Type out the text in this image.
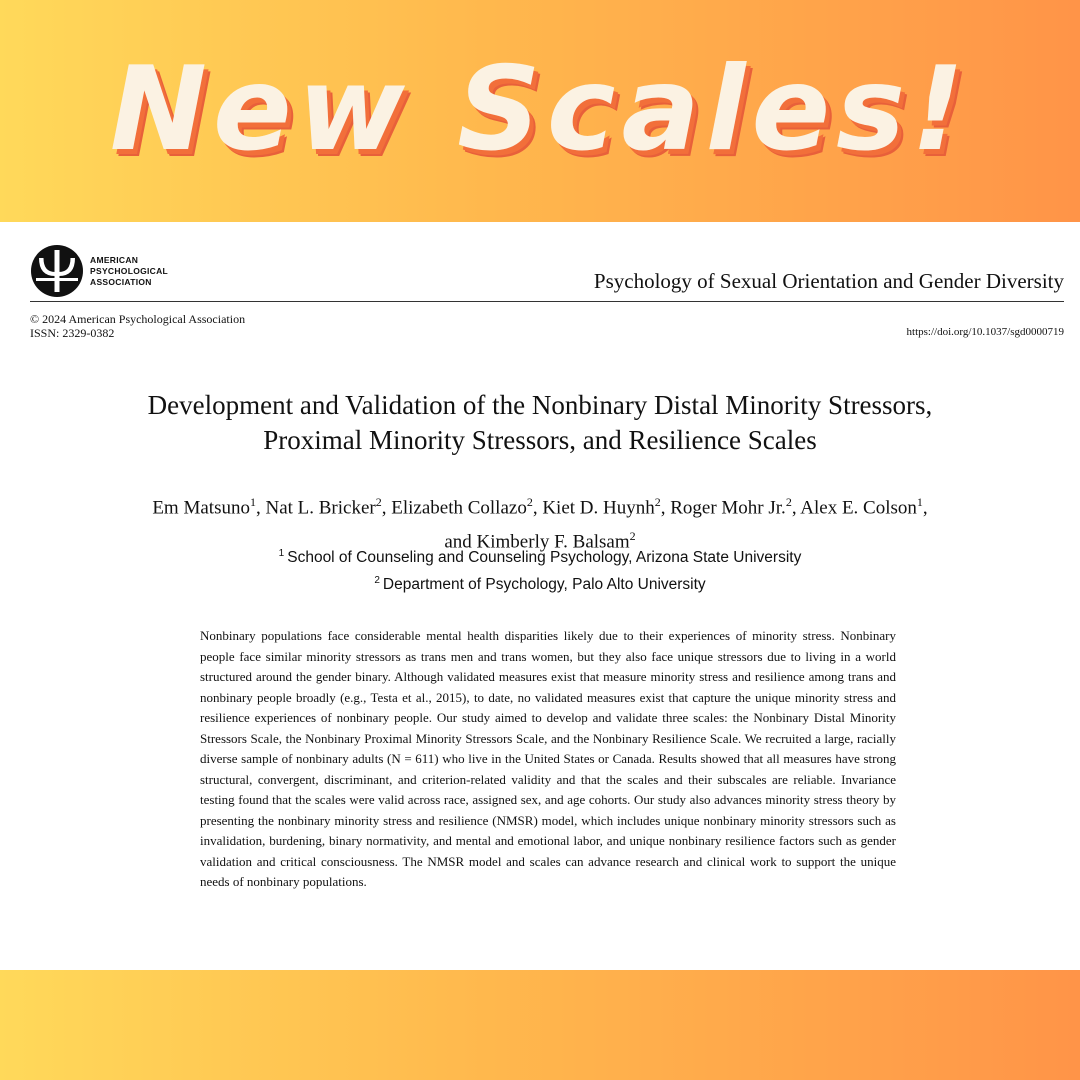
New Scales!
AMERICAN
PSYCHOLOGICAL
ASSOCIATION	Psychology of Sexual Orientation and Gender Diversity
© 2024 American Psychological Association
ISSN: 2329-0382	https://doi.org/10.1037/sgd0000719
Development and Validation of the Nonbinary Distal Minority Stressors,
Proximal Minority Stressors, and Resilience Scales
Em Matsuno$^1$, Nat L. Bricker$^2$, Elizabeth Collazo$^2$, Kiet D. Huynh$^2$, Roger Mohr Jr.$^2$, Alex E. Colson$^1$,
and Kimberly F. Balsam$^2$
$^1$ School of Counseling and Counseling Psychology, Arizona State University
$^2$ Department of Psychology, Palo Alto University

Nonbinary populations face considerable mental health disparities likely due to their experiences of minority stress. Nonbinary people face similar minority stressors as trans men and trans women, but they also face unique stressors due to living in a world structured around the gender binary. Although validated measures exist that measure minority stress and resilience among trans and nonbinary people broadly (e.g., Testa et al., 2015), to date, no validated measures exist that capture the unique minority stress and resilience experiences of nonbinary people. Our study aimed to develop and validate three scales: the Nonbinary Distal Minority Stressors Scale, the Nonbinary Proximal Minority Stressors Scale, and the Nonbinary Resilience Scale. We recruited a large, racially diverse sample of nonbinary adults (N = 611) who live in the United States or Canada. Results showed that all measures have strong structural, convergent, discriminant, and criterion-related validity and that the scales and their subscales are reliable. Invariance testing found that the scales were valid across race, assigned sex, and age cohorts. Our study also advances minority stress theory by presenting the nonbinary minority stress and resilience (NMSR) model, which includes unique nonbinary minority stressors such as invalidation, burdening, binary normativity, and mental and emotional labor, and unique nonbinary resilience factors such as gender validation and critical consciousness. The NMSR model and scales can advance research and clinical work to support the unique needs of nonbinary populations.
